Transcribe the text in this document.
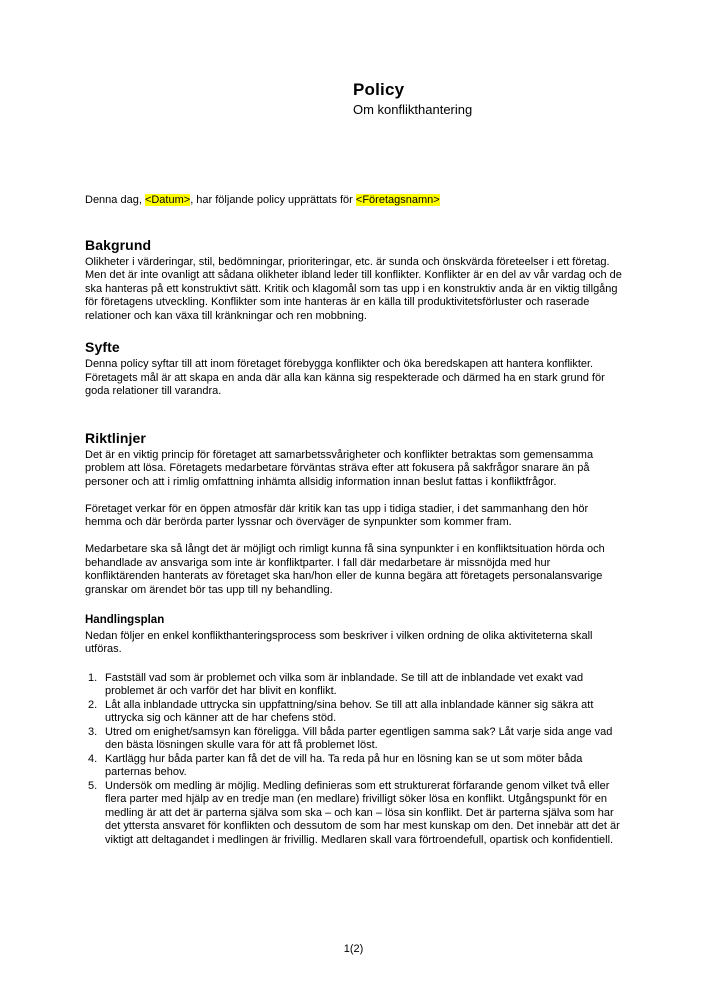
Policy
Om konflikthantering

Denna dag, <Datum>, har följande policy upprättats för <Företagsnamn>

Bakgrund

Olikheter i värderingar, stil, bedömningar, prioriteringar, etc. är sunda och önskvärda företeelser i ett företag. Men det är inte ovanligt att sådana olikheter ibland leder till konflikter. Konflikter är en del av vår vardag och de ska hanteras på ett konstruktivt sätt. Kritik och klagomål som tas upp i en konstruktiv anda är en viktig tillgång för företagens utveckling. Konflikter som inte hanteras är en källa till produktivitetsförluster och raserade relationer och kan växa till kränkningar och ren mobbning.

Syfte

Denna policy syftar till att inom företaget förebygga konflikter och öka beredskapen att hantera konflikter. Företagets mål är att skapa en anda där alla kan känna sig respekterade och därmed ha en stark grund för goda relationer till varandra.

Riktlinjer

Det är en viktig princip för företaget att samarbetssvårigheter och konflikter betraktas som gemensamma problem att lösa. Företagets medarbetare förväntas sträva efter att fokusera på sakfrågor snarare än på personer och att i rimlig omfattning inhämta allsidig information innan beslut fattas i konfliktfrågor.

Företaget verkar för en öppen atmosfär där kritik kan tas upp i tidiga stadier, i det sammanhang den hör hemma och där berörda parter lyssnar och överväger de synpunkter som kommer fram.

Medarbetare ska så långt det är möjligt och rimligt kunna få sina synpunkter i en konfliktsituation hörda och behandlade av ansvariga som inte är konfliktparter. I fall där medarbetare är missnöjda med hur konfliktärenden hanterats av företaget ska han/hon eller de kunna begära att företagets personalansvarige granskar om ärendet bör tas upp till ny behandling.

Handlingsplan

Nedan följer en enkel konflikthanteringsprocess som beskriver i vilken ordning de olika aktiviteterna skall utföras.

1. Fastställ vad som är problemet och vilka som är inblandade. Se till att de inblandade vet exakt vad problemet är och varför det har blivit en konflikt.
2. Låt alla inblandade uttrycka sin uppfattning/sina behov. Se till att alla inblandade känner sig säkra att uttrycka sig och känner att de har chefens stöd.
3. Utred om enighet/samsyn kan föreligga. Vill båda parter egentligen samma sak? Låt varje sida ange vad den bästa lösningen skulle vara för att få problemet löst.
4. Kartlägg hur båda parter kan få det de vill ha. Ta reda på hur en lösning kan se ut som möter båda parternas behov.
5. Undersök om medling är möjlig. Medling definieras som ett strukturerat förfarande genom vilket två eller flera parter med hjälp av en tredje man (en medlare) frivilligt söker lösa en konflikt. Utgångspunkt för en medling är att det är parterna själva som ska – och kan – lösa sin konflikt. Det är parterna själva som har det yttersta ansvaret för konflikten och dessutom de som har mest kunskap om den. Det innebär att det är viktigt att deltagandet i medlingen är frivillig. Medlaren skall vara förtroendefull, opartisk och konfidentiell.
1(2)
